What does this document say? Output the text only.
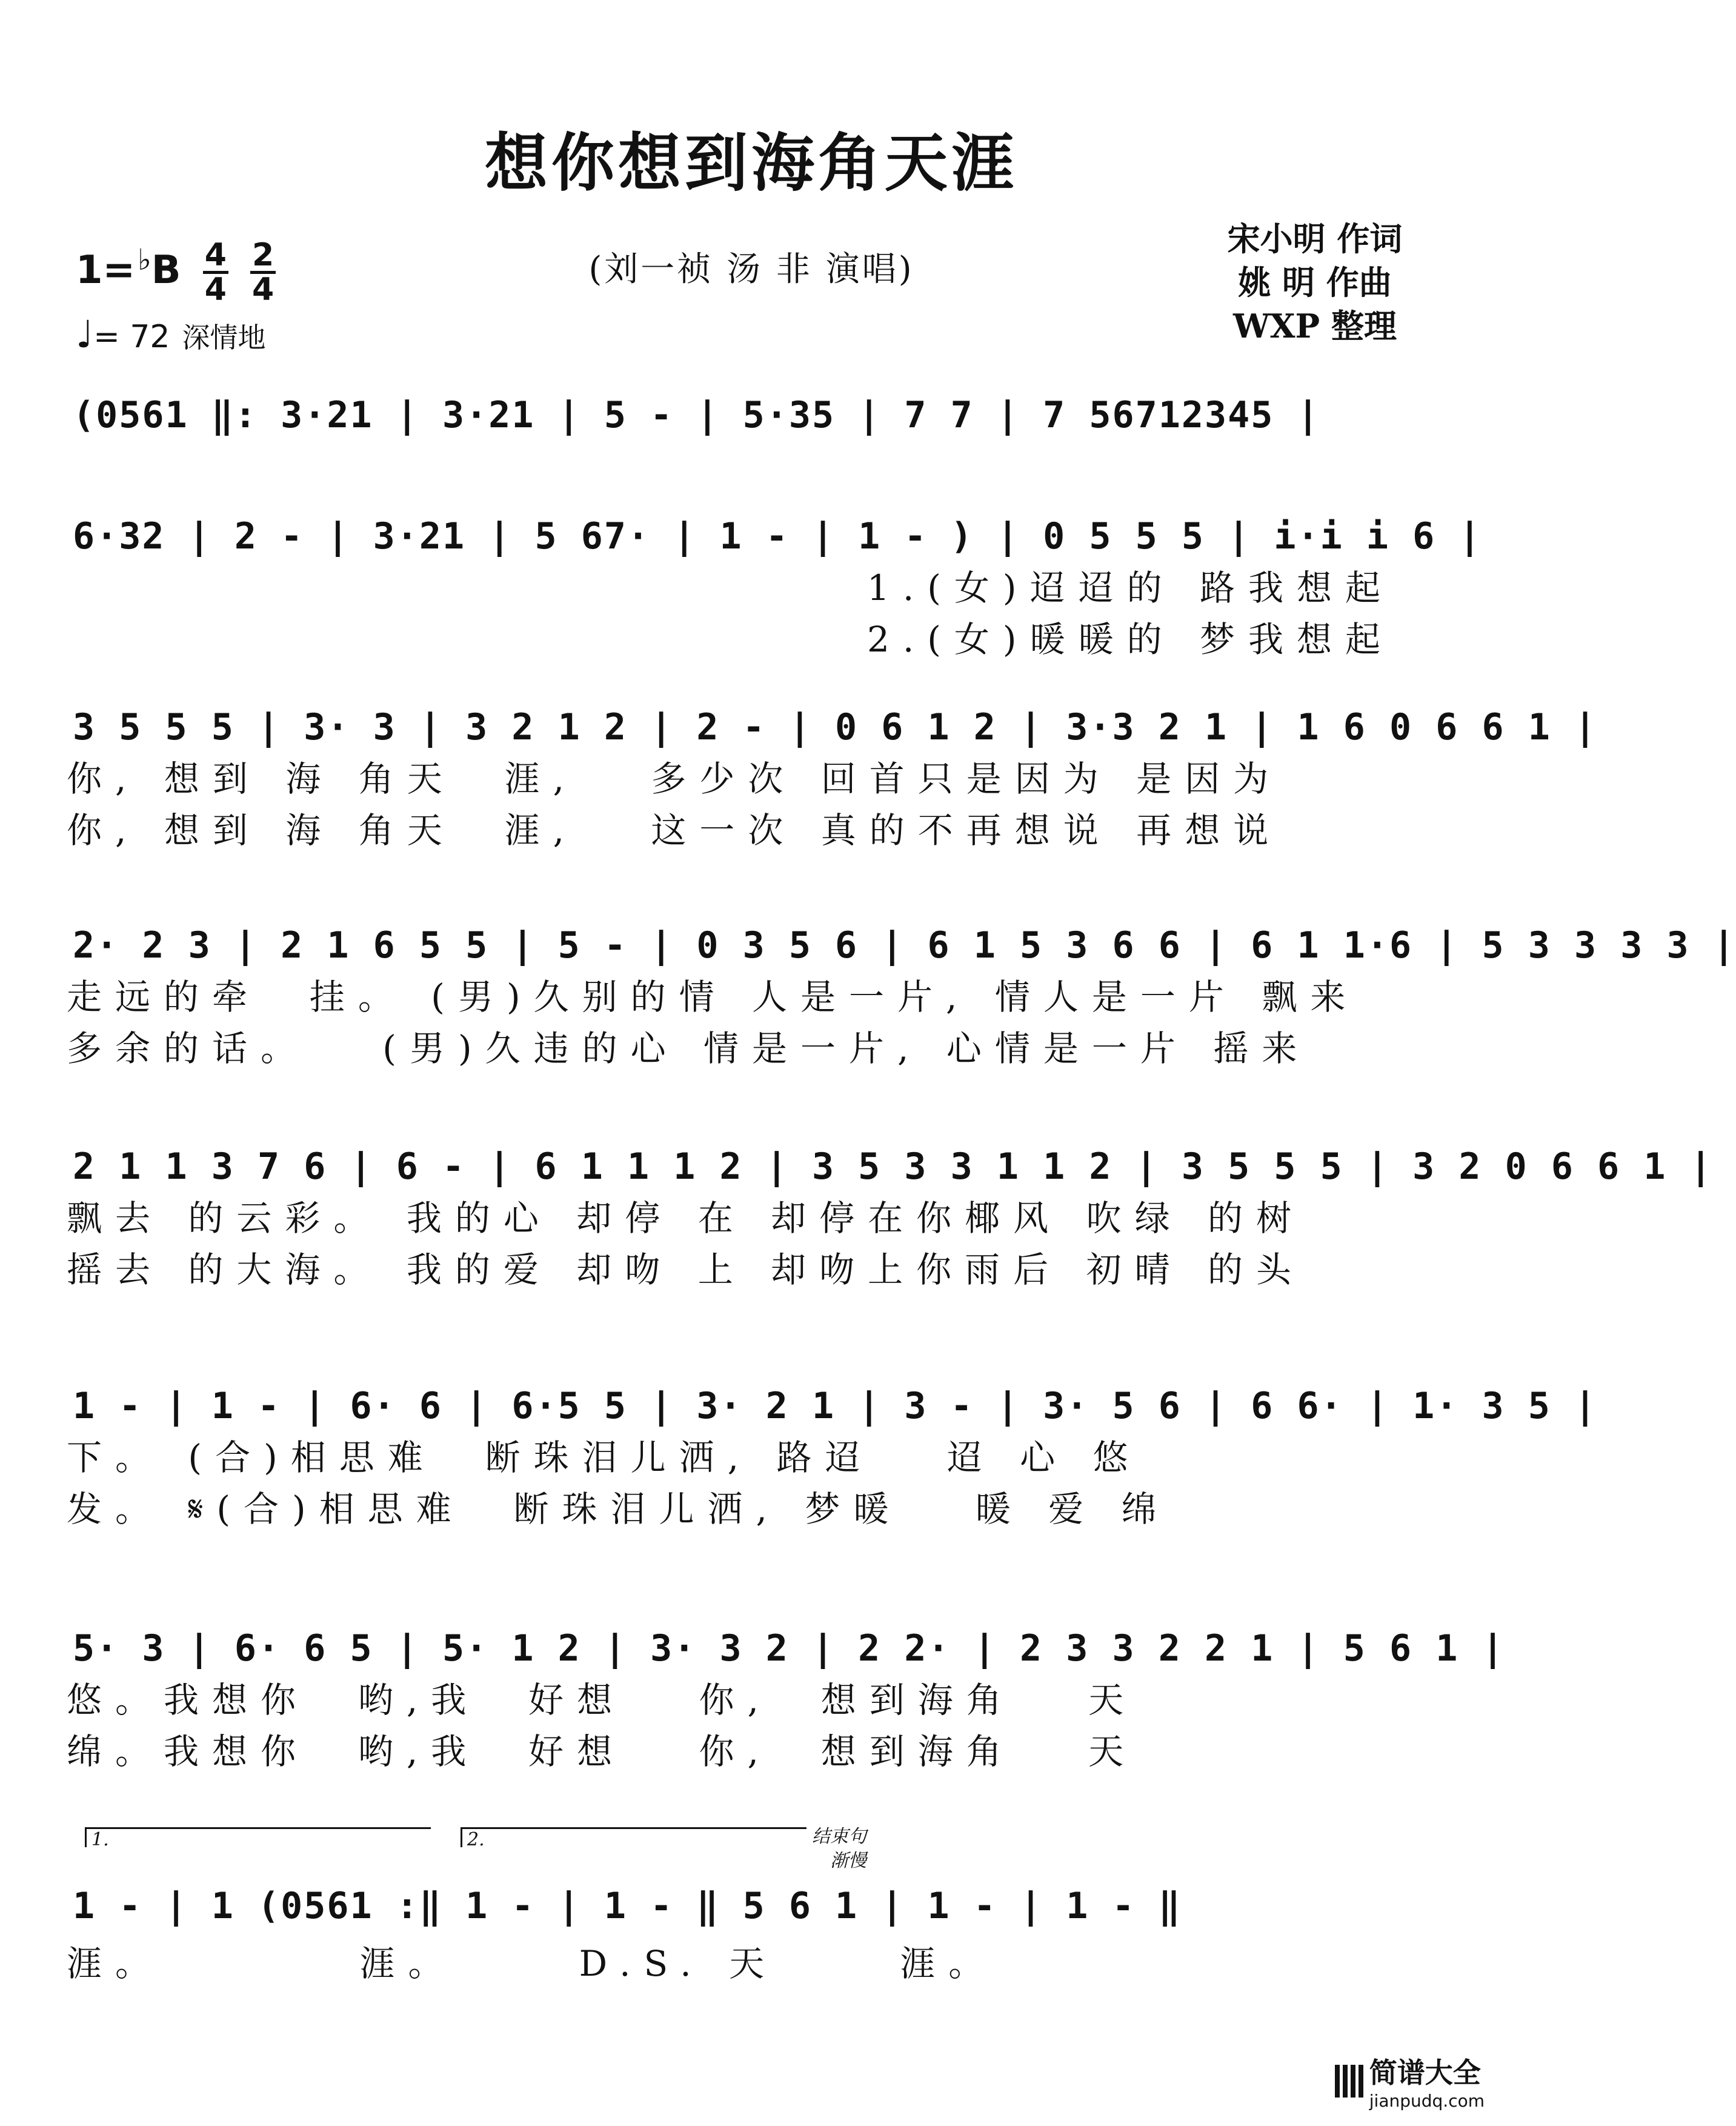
想你想到海角天涯
(刘一祯 汤 非 演唱)
宋小明 作词
姚 明 作曲
WXP 整理
1=♭B 4
4

2
4
♩= 72 深情地
(0561 ‖: 3·21 | 3·21 | 5 - | 5·35 | 7 7 | 7 56712345 |
6·32 | 2 - | 3·21 | 5 67· | 1 - | 1 - ) | 0 5 5 5 | i·i i 6 |
1.(女)迢迢的 路我想起
2.(女)暖暖的 梦我想起
3 5 5 5 | 3· 3 | 3 2 1 2 | 2 - | 0 6 1 2 | 3·3 2 1 | 1 6 0 6 6 1 |
你, 想到 海 角天  涯,   多少次 回首只是因为 是因为
你, 想到 海 角天  涯,   这一次 真的不再想说 再想说
2· 2 3 | 2 1 6 5 5 | 5 - | 0 3 5 6 | 6 1 5 3 6 6 | 6 1 1·6 | 5 3 3 3 3 |
走远的牵  挂。 (男)久别的情 人是一片, 情人是一片 飘来
多余的话。   (男)久违的心 情是一片, 心情是一片 摇来
2 1 1 3 7 6 | 6 - | 6 1 1 1 2 | 3 5 3 3 1 1 2 | 3 5 5 5 | 3 2 0 6 6 1 |
飘去 的云彩。 我的心 却停 在 却停在你椰风 吹绿 的树
摇去 的大海。 我的爱 却吻 上 却吻上你雨后 初晴 的头
1 - | 1 - | 6· 6 | 6·5 5 | 3· 2 1 | 3 - | 3· 5 6 | 6 6· | 1· 3 5 |
下。 (合)相思难  断珠泪儿洒, 路迢   迢 心 悠
发。 𝄋(合)相思难  断珠泪儿洒, 梦暖   暖 爱 绵
5· 3 | 6· 6 5 | 5· 1 2 | 3· 3 2 | 2 2· | 2 3 3 2 2 1 | 5 6 1 |
悠。我想你  哟,我  好想   你,  想到海角   天
绵。我想你  哟,我  好想   你,  想到海角   天
1.	2.	结束句
渐慢
1 - | 1 (0561 :‖ 1 - | 1 - ‖ 5 6 1 | 1 - | 1 - ‖
涯。        涯。     D.S. 天     涯。
简谱大全
jianpudq.com
